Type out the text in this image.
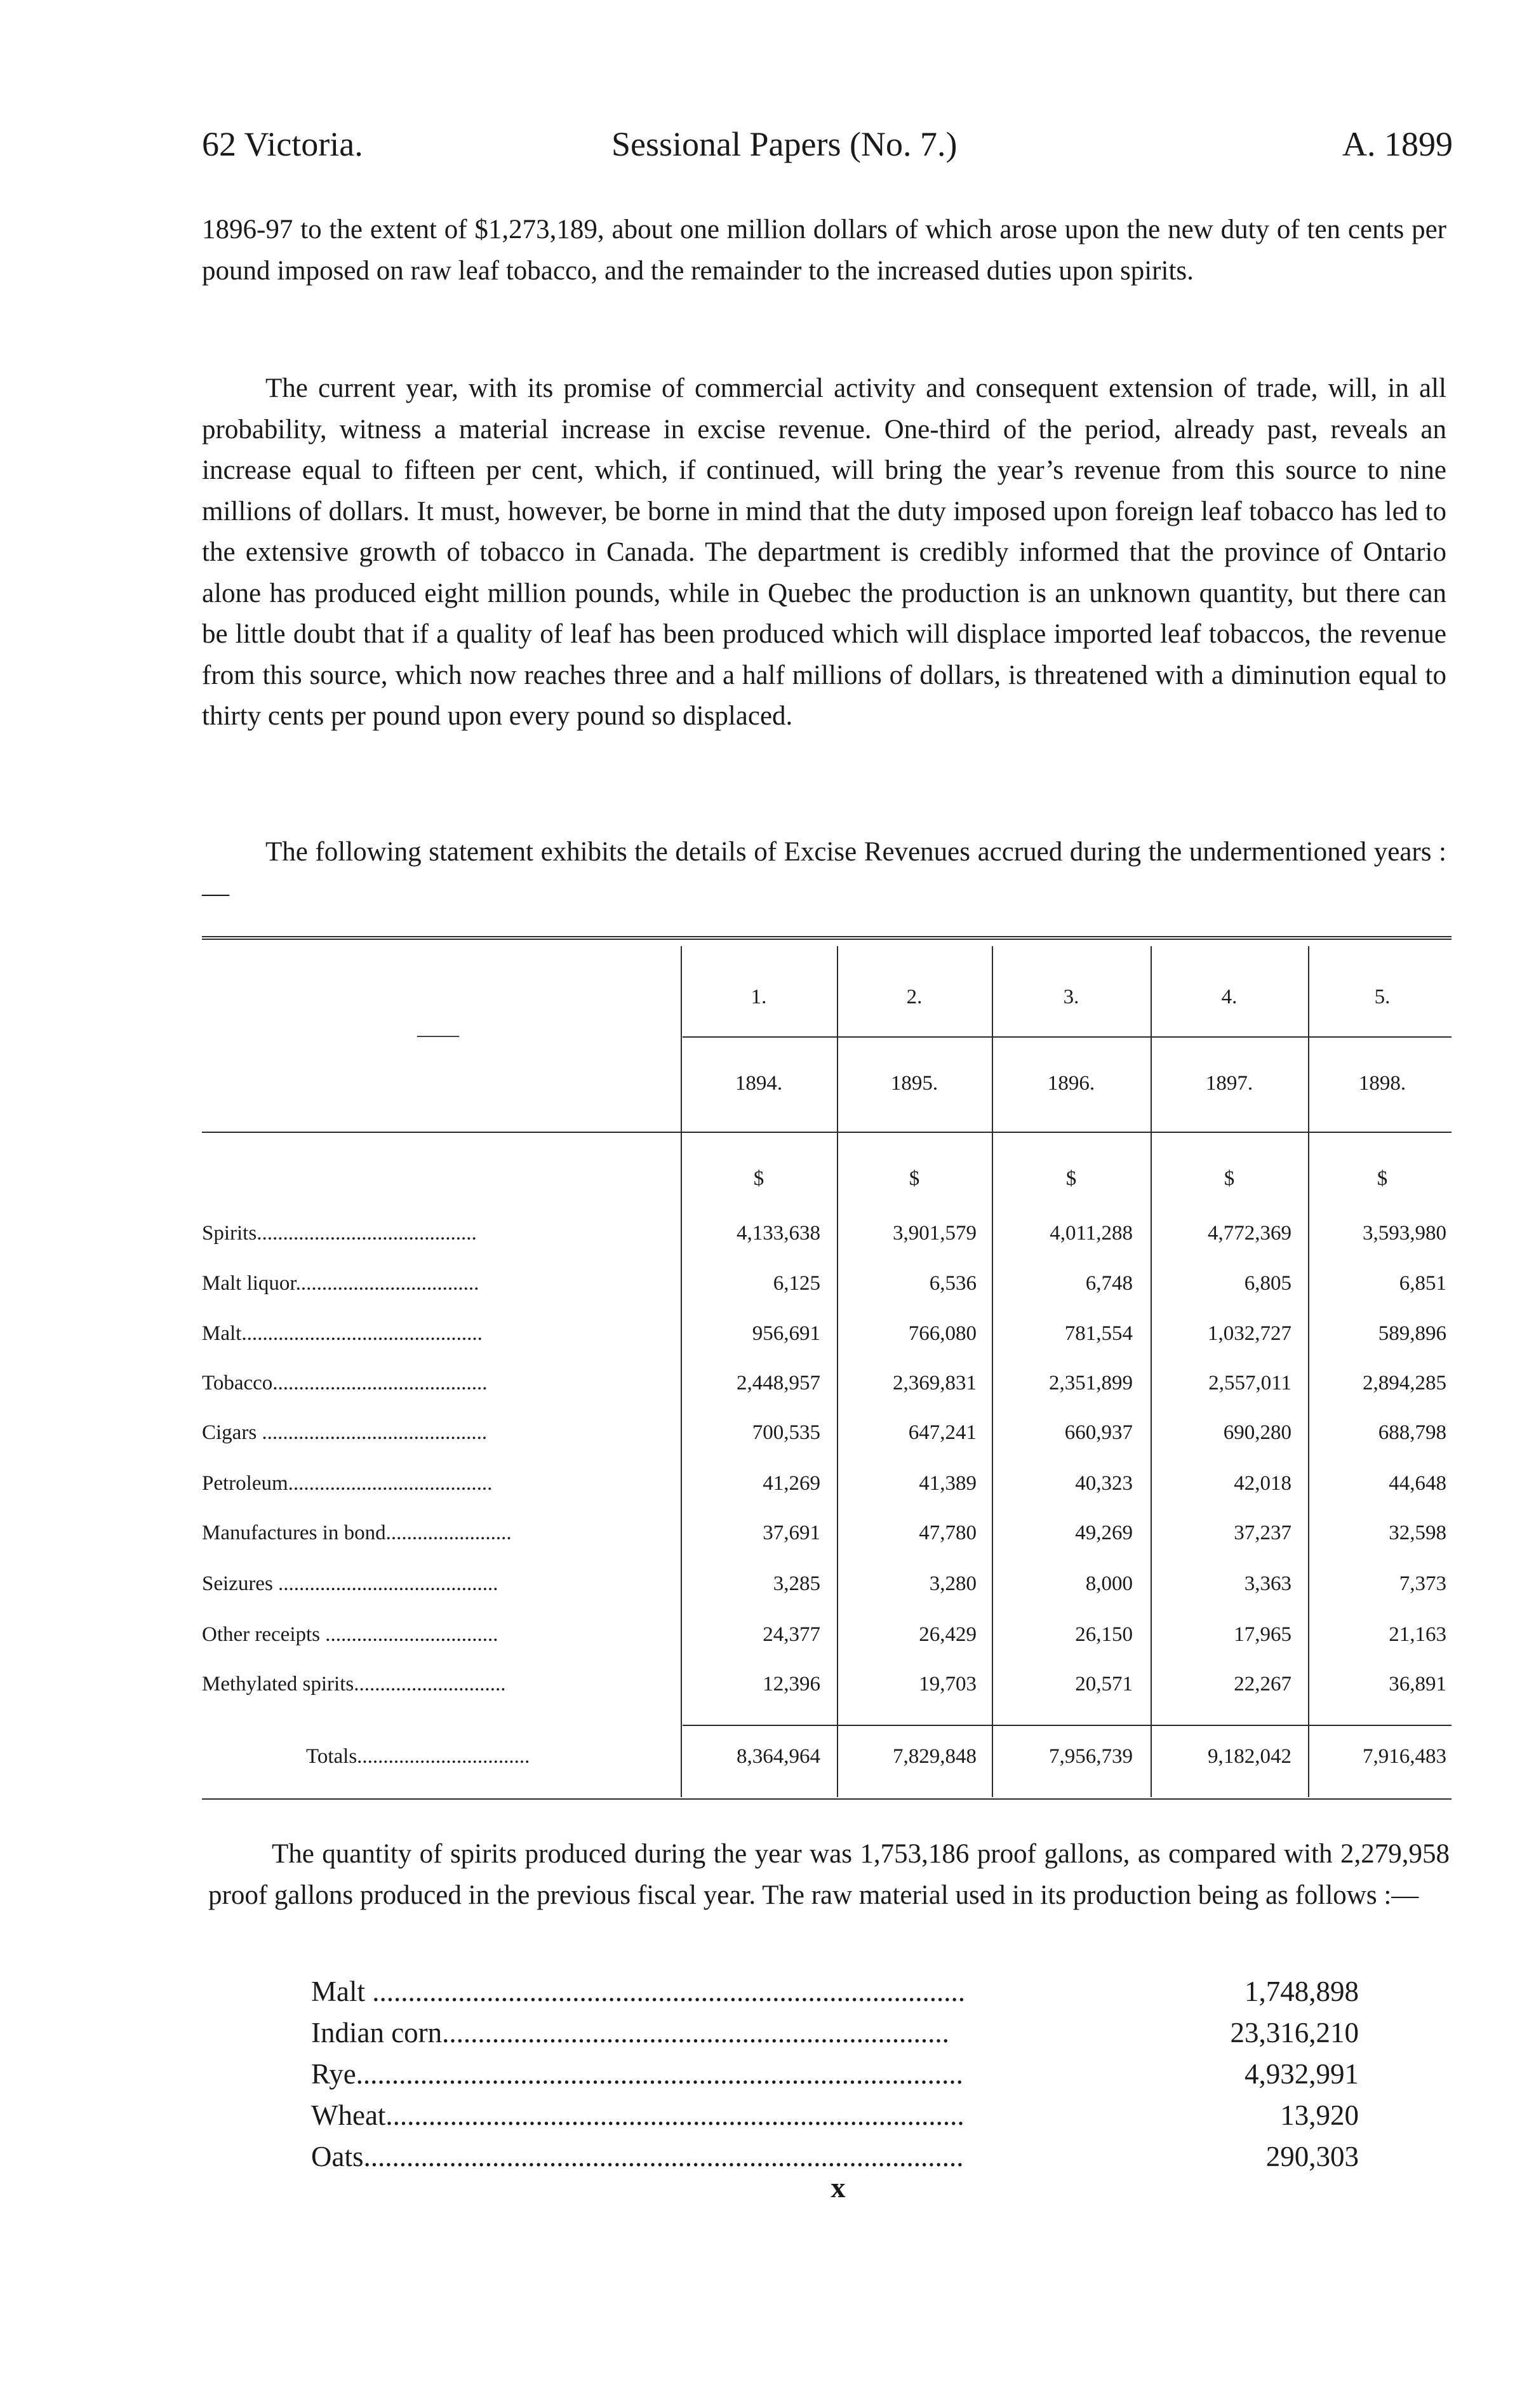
62 Victoria.	Sessional Papers (No. 7.)	A. 1899

1896-97 to the extent of $1,273,189, about one million dollars of which arose upon the new duty of ten cents per pound imposed on raw leaf tobacco, and the remainder to the increased duties upon spirits.

The current year, with its promise of commercial activity and consequent extension of trade, will, in all probability, witness a material increase in excise revenue. One-third of the period, already past, reveals an increase equal to fifteen per cent, which, if continued, will bring the year’s revenue from this source to nine millions of dollars. It must, however, be borne in mind that the duty imposed upon foreign leaf tobacco has led to the extensive growth of tobacco in Canada. The department is credibly informed that the province of Ontario alone has produced eight million pounds, while in Quebec the production is an unknown quantity, but there can be little doubt that if a quality of leaf has been produced which will displace imported leaf tobaccos, the revenue from this source, which now reaches three and a half millions of dollars, is threatened with a diminution equal to thirty cents per pound upon every pound so displaced.

The following statement exhibits the details of Excise Revenues accrued during the undermentioned years :—

——
1.	2.	3.	4.	5.
1894.	1895.	1896.	1897.	1898.
$	$	$	$	$
Spirits..........................................	4,133,638	3,901,579	4,011,288	4,772,369	3,593,980
Malt liquor...................................	6,125	6,536	6,748	6,805	6,851
Malt..............................................	956,691	766,080	781,554	1,032,727	589,896
Tobacco.........................................	2,448,957	2,369,831	2,351,899	2,557,011	2,894,285
Cigars ...........................................	700,535	647,241	660,937	690,280	688,798
Petroleum.......................................	41,269	41,389	40,323	42,018	44,648
Manufactures in bond........................	37,691	47,780	49,269	37,237	32,598
Seizures ..........................................	3,285	3,280	8,000	3,363	7,373
Other receipts .................................	24,377	26,429	26,150	17,965	21,163
Methylated spirits.............................	12,396	19,703	20,571	22,267	36,891
Totals.................................	8,364,964	7,829,848	7,956,739	9,182,042	7,916,483

The quantity of spirits produced during the year was 1,753,186 proof gallons, as compared with 2,279,958 proof gallons produced in the previous fiscal year. The raw material used in its production being as follows :—

Malt ...................................................................................	1,748,898
Indian corn.......................................................................	23,316,210
Rye.....................................................................................	4,932,991
Wheat.................................................................................	13,920
Oats....................................................................................	290,303
x
